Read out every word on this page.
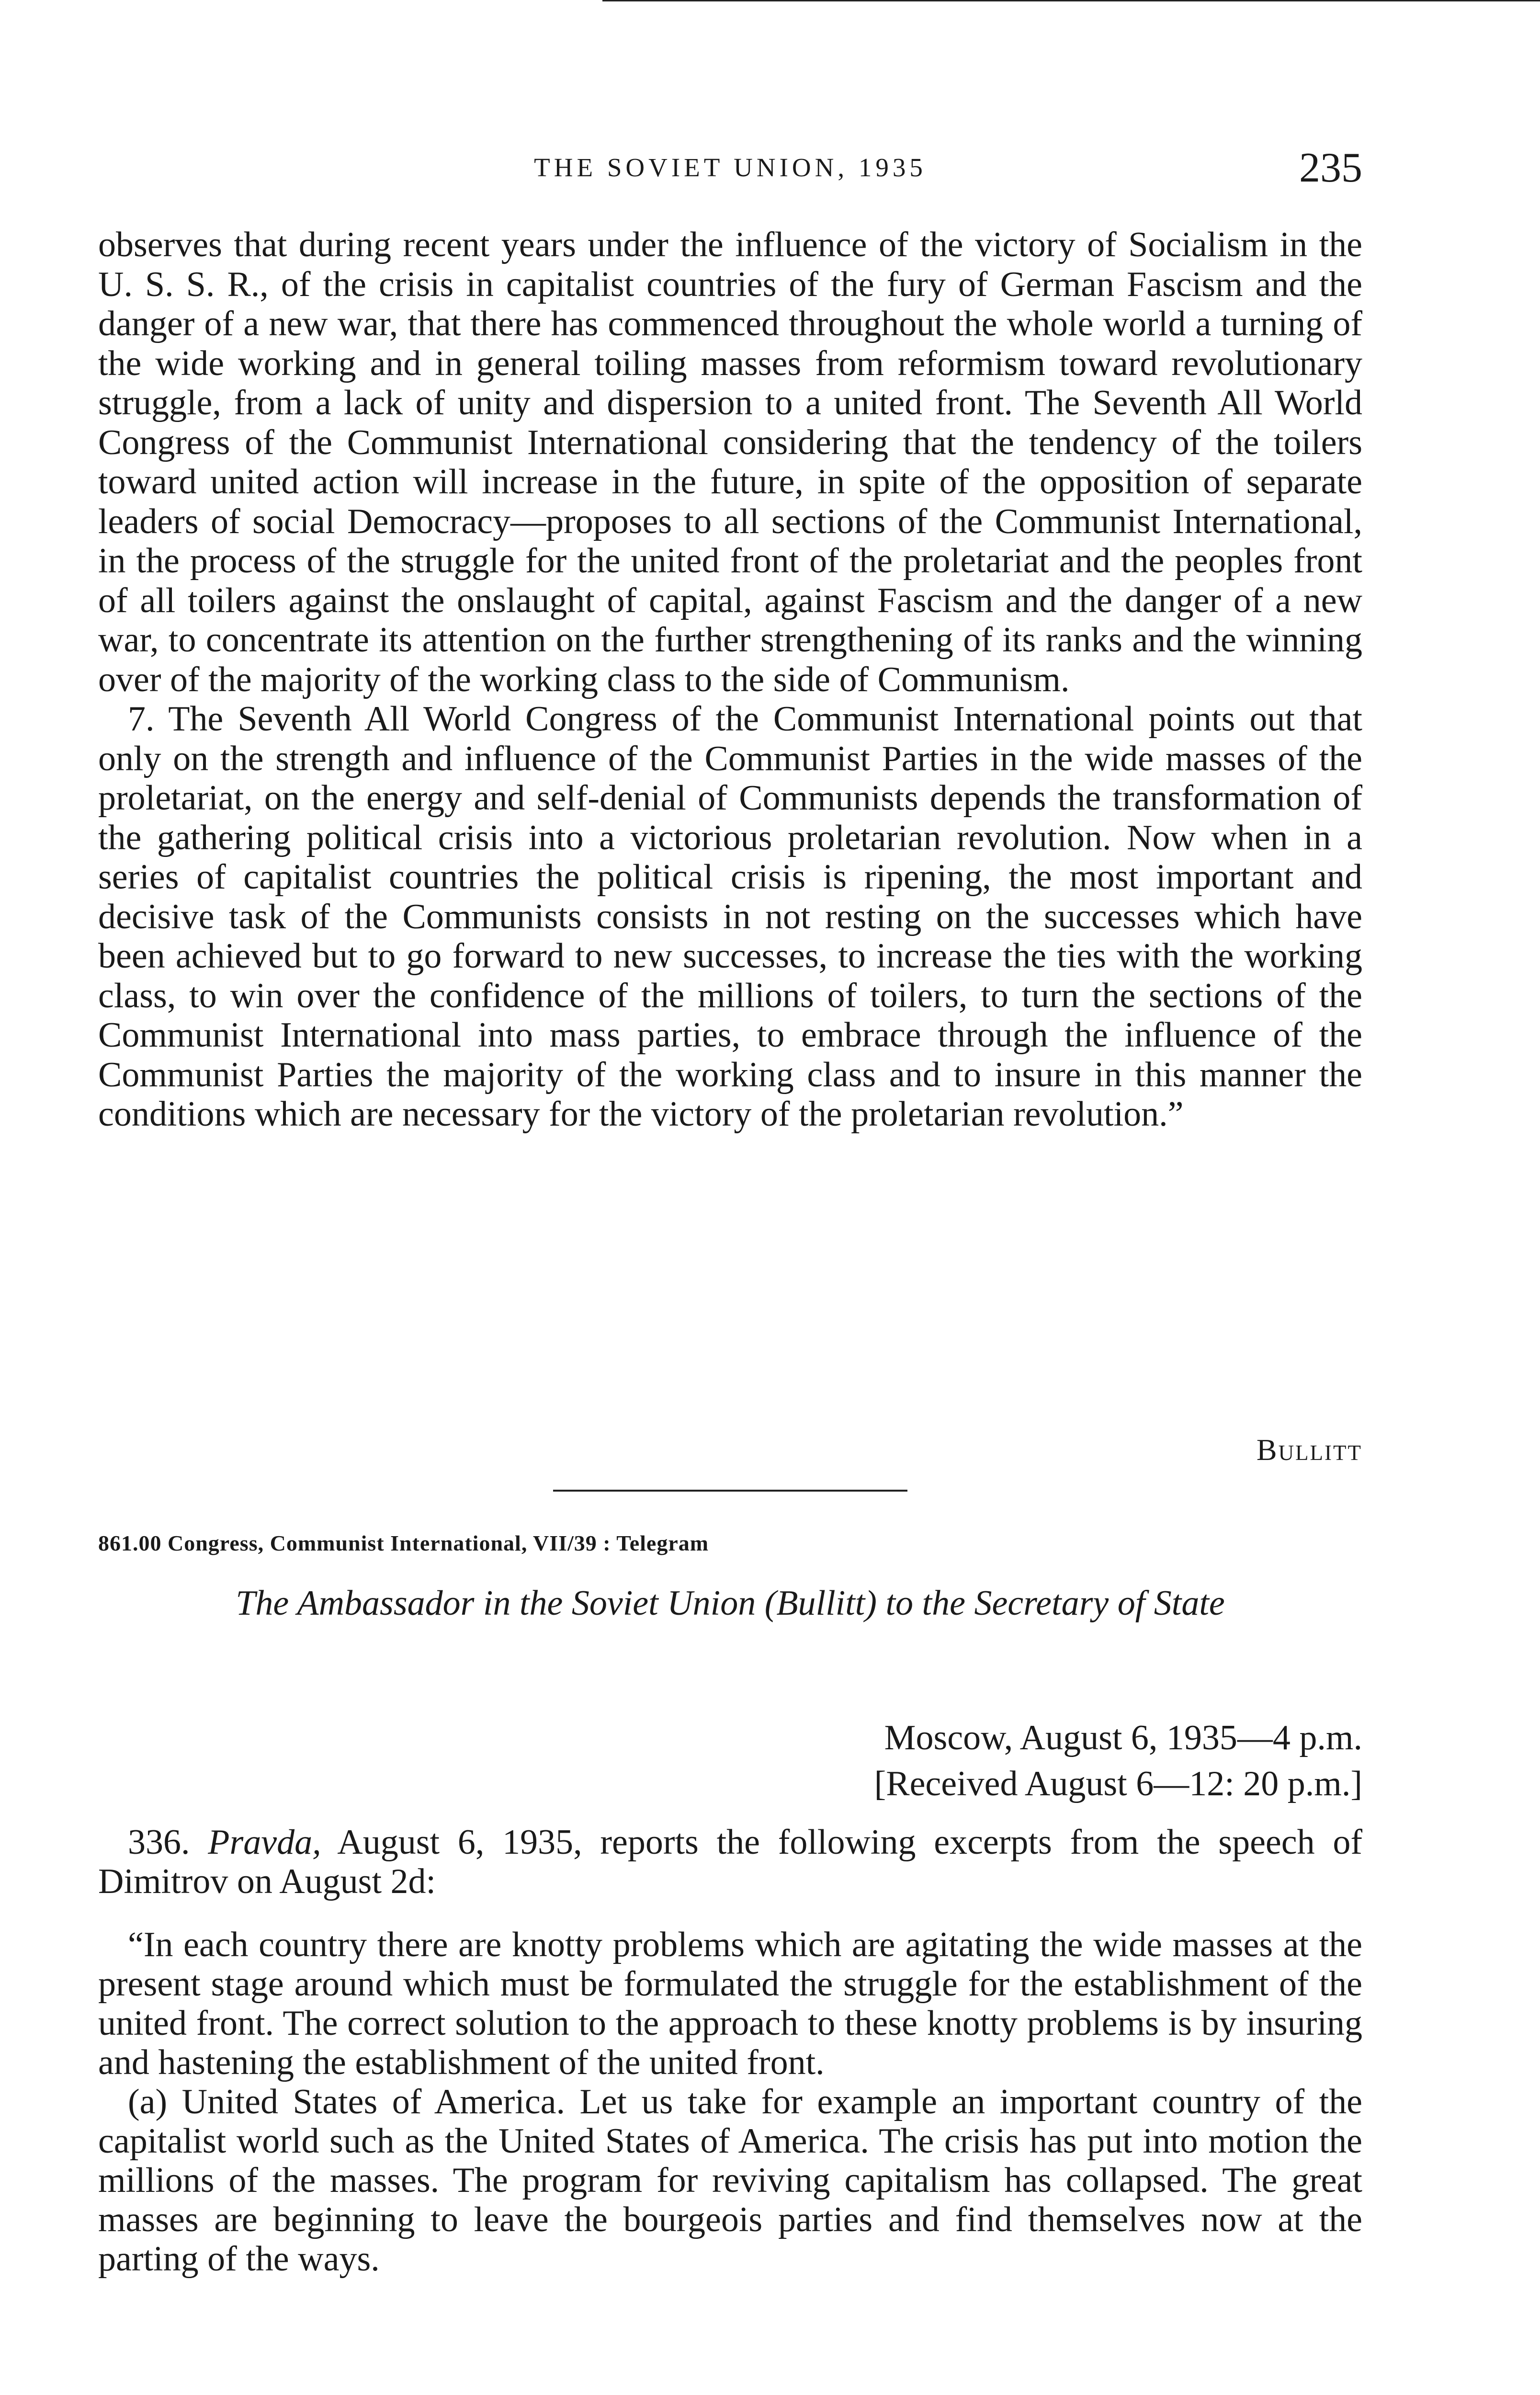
THE SOVIET UNION, 1935	235

observes that during recent years under the influence of the victory of Socialism in the U. S. S. R., of the crisis in capitalist countries of the fury of German Fascism and the danger of a new war, that there has commenced throughout the whole world a turning of the wide working and in general toiling masses from reformism toward revolutionary struggle, from a lack of unity and dispersion to a united front. The Seventh All World Congress of the Communist International considering that the tendency of the toilers toward united action will increase in the future, in spite of the opposition of separate leaders of social Democracy—proposes to all sections of the Communist International, in the process of the struggle for the united front of the proletariat and the peoples front of all toilers against the onslaught of capital, against Fascism and the danger of a new war, to concentrate its attention on the further strengthening of its ranks and the winning over of the majority of the working class to the side of Communism.

7. The Seventh All World Congress of the Communist International points out that only on the strength and influence of the Communist Parties in the wide masses of the proletariat, on the energy and self-denial of Communists depends the transformation of the gathering political crisis into a victorious proletarian revolution. Now when in a series of capitalist countries the political crisis is ripening, the most important and decisive task of the Communists consists in not resting on the successes which have been achieved but to go forward to new successes, to increase the ties with the working class, to win over the confidence of the millions of toilers, to turn the sections of the Communist International into mass parties, to embrace through the influence of the Communist Parties the majority of the working class and to insure in this manner the conditions which are necessary for the victory of the proletarian revolution.”

Bullitt
861.00 Congress, Communist International, VII/39 : Telegram
The Ambassador in the Soviet Union (Bullitt) to the Secretary of State
Moscow, August 6, 1935—4 p.m.
[Received August 6—12: 20 p.m.]

336. Pravda, August 6, 1935, reports the following excerpts from the speech of Dimitrov on August 2d:

“In each country there are knotty problems which are agitating the wide masses at the present stage around which must be formulated the struggle for the establishment of the united front. The correct solution to the approach to these knotty problems is by insuring and hastening the establishment of the united front.

(a) United States of America. Let us take for example an important country of the capitalist world such as the United States of America. The crisis has put into motion the millions of the masses. The program for reviving capitalism has collapsed. The great masses are beginning to leave the bourgeois parties and find themselves now at the parting of the ways.
